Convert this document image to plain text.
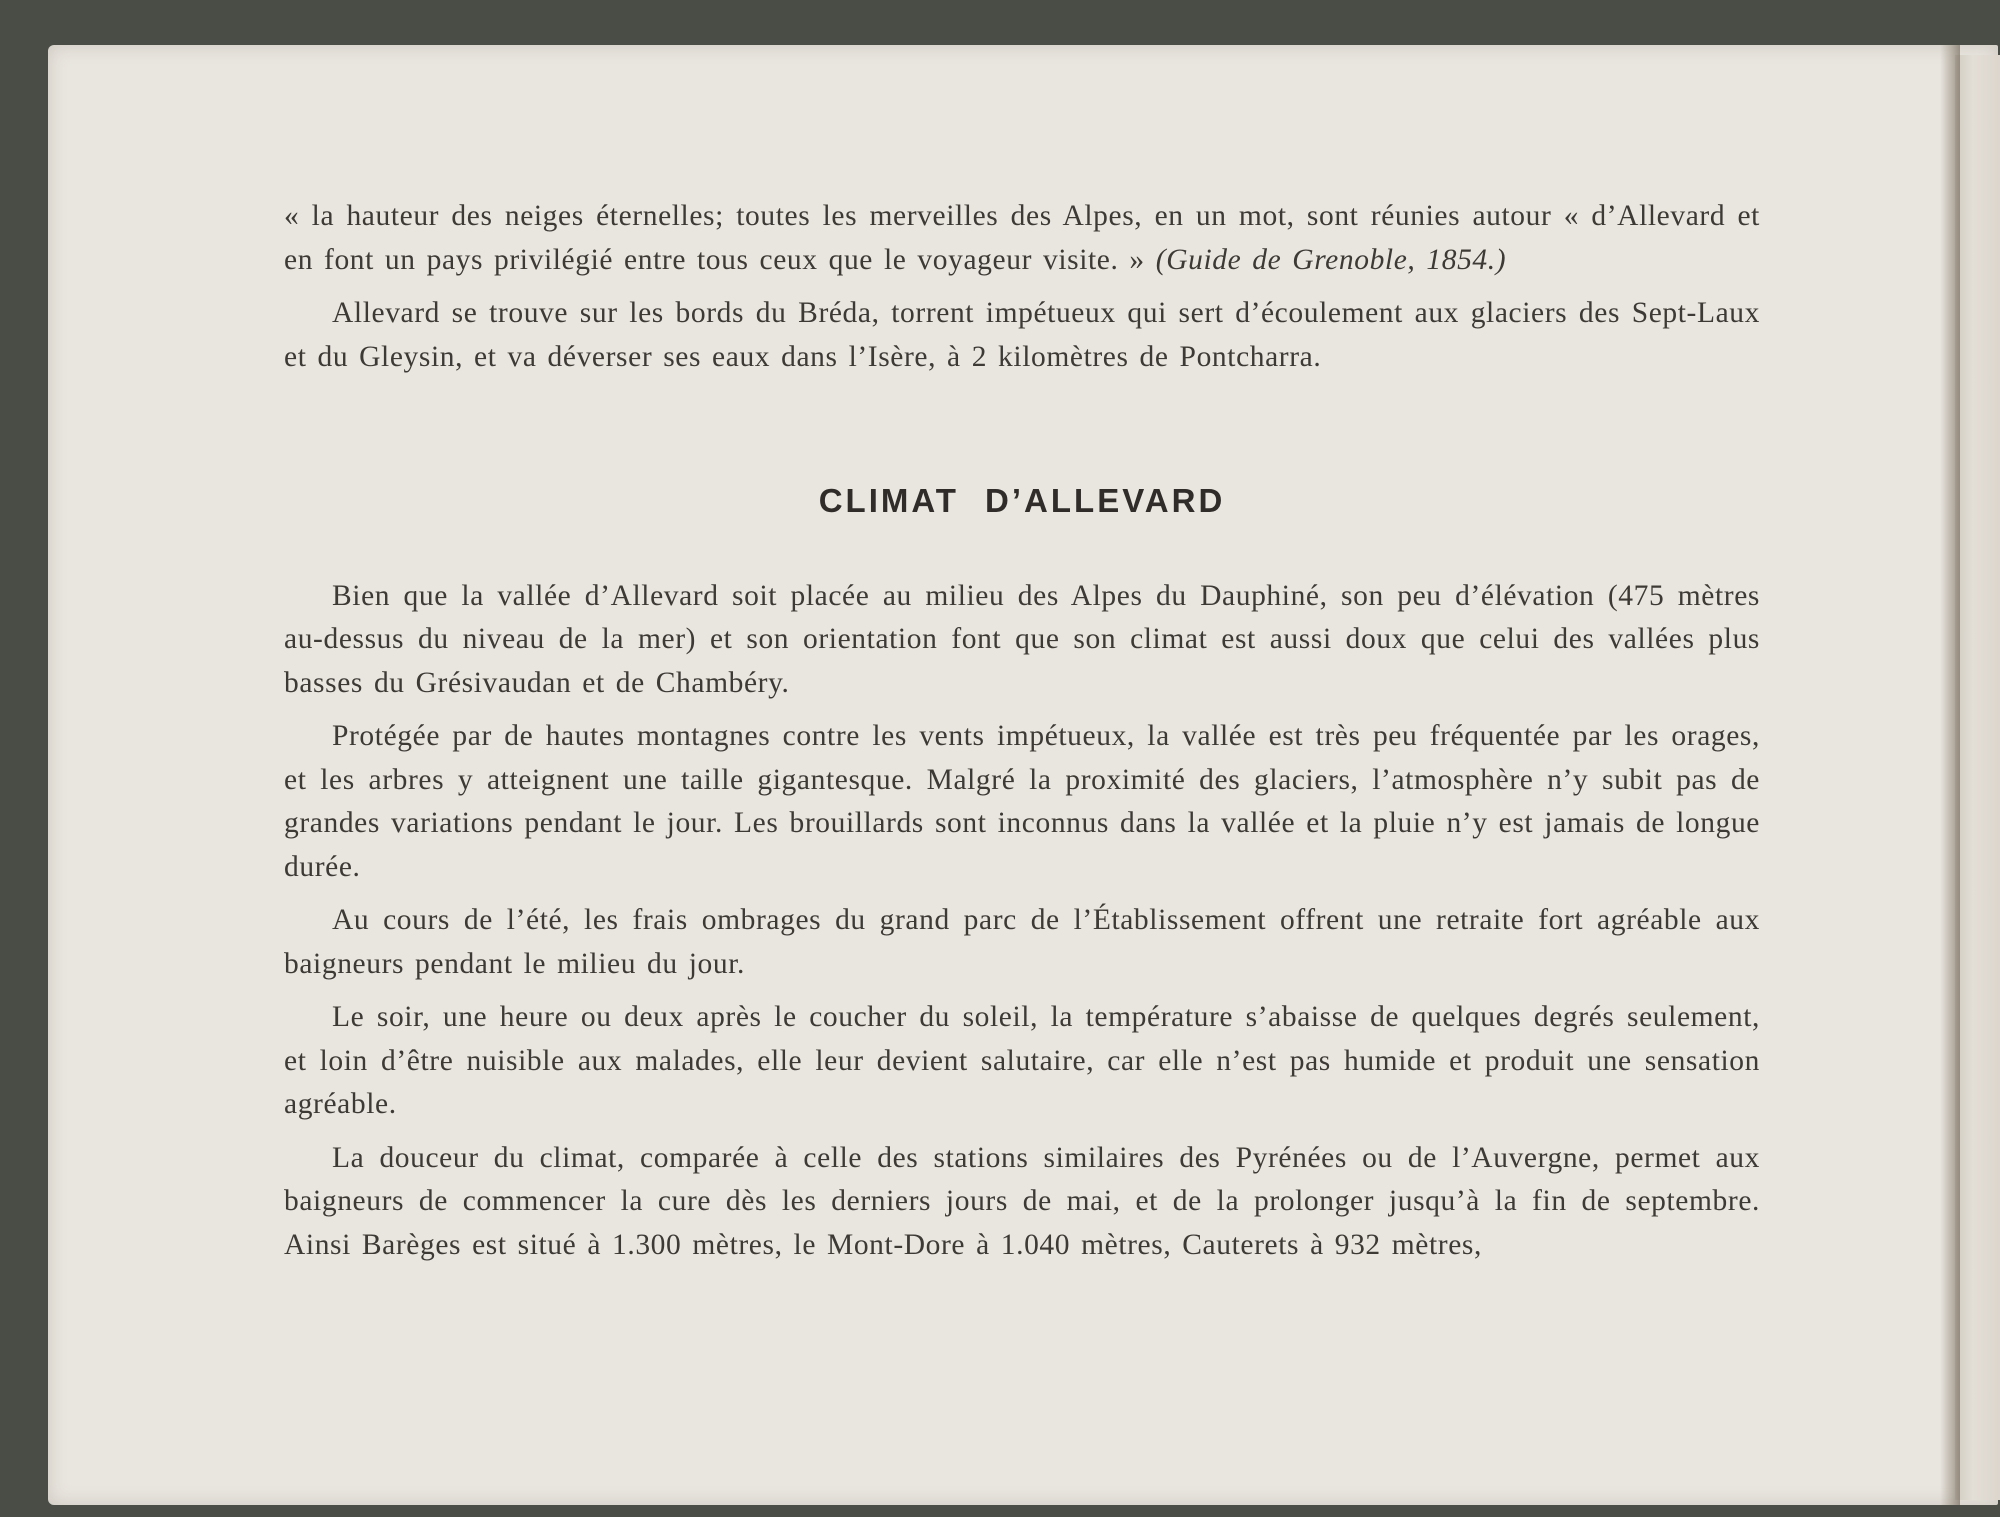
« la hauteur des neiges éternelles; toutes les merveilles des Alpes, en un mot, sont réunies autour « d’Allevard et en font un pays privilégié entre tous ceux que le voyageur visite. » (Guide de Grenoble, 1854.)

Allevard se trouve sur les bords du Bréda, torrent impétueux qui sert d’écoulement aux glaciers des Sept-Laux et du Gleysin, et va déverser ses eaux dans l’Isère, à 2 kilomètres de Pontcharra.

CLIMAT D’ALLEVARD

Bien que la vallée d’Allevard soit placée au milieu des Alpes du Dauphiné, son peu d’élévation (475 mètres au-dessus du niveau de la mer) et son orientation font que son climat est aussi doux que celui des vallées plus basses du Grésivaudan et de Chambéry.

Protégée par de hautes montagnes contre les vents impétueux, la vallée est très peu fréquentée par les orages, et les arbres y atteignent une taille gigantesque. Malgré la proximité des glaciers, l’atmosphère n’y subit pas de grandes variations pendant le jour. Les brouillards sont inconnus dans la vallée et la pluie n’y est jamais de longue durée.

Au cours de l’été, les frais ombrages du grand parc de l’Établissement offrent une retraite fort agréable aux baigneurs pendant le milieu du jour.

Le soir, une heure ou deux après le coucher du soleil, la température s’abaisse de quelques degrés seulement, et loin d’être nuisible aux malades, elle leur devient salutaire, car elle n’est pas humide et produit une sensation agréable.

La douceur du climat, comparée à celle des stations similaires des Pyrénées ou de l’Auvergne, permet aux baigneurs de commencer la cure dès les derniers jours de mai, et de la prolonger jusqu’à la fin de septembre. Ainsi Barèges est situé à 1.300 mètres, le Mont-Dore à 1.040 mètres, Cauterets à 932 mètres,
